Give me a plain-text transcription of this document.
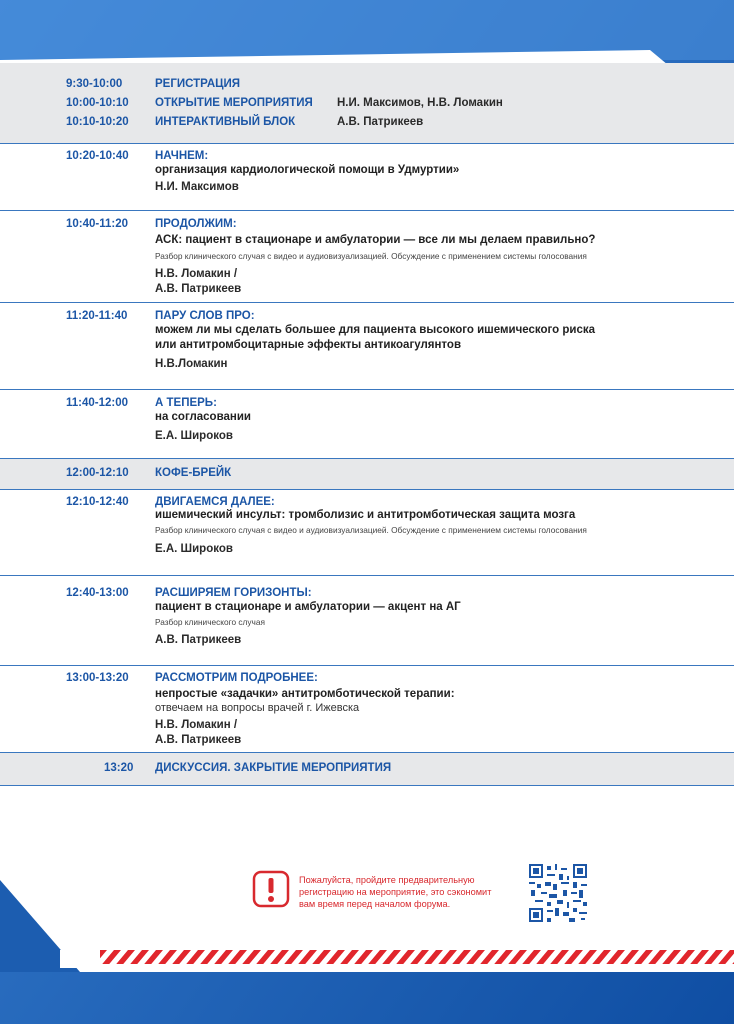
9:30-10:00	РЕГИСТРАЦИЯ
10:00-10:10 ОТКРЫТИЕ МЕРОПРИЯТИЯ Н.И. Максимов, Н.В. Ломакин
10:10-10:20 ИНТЕРАКТИВНЫЙ БЛОК	А.В. Патрикеев
10:20-10:40 НАЧНЕМ:
организация кардиологической помощи в Удмуртии»
Н.И. Максимов
10:40-11:20 ПРОДОЛЖИМ:
АСК: пациент в стационаре и амбулатории — все ли мы делаем правильно?
Разбор клинического случая с видео и аудиовизуализацией. Обсуждение с применением системы голосования
Н.В. Ломакин /
А.В. Патрикеев
11:20-11:40 ПАРУ СЛОВ ПРО:
можем ли мы сделать большее для пациента высокого ишемического риска
или антитромбоцитарные эффекты антикоагулянтов
Н.В.Ломакин
11:40-12:00 А ТЕПЕРЬ:
на согласовании
Е.А. Широков
12:00-12:10 КОФЕ-БРЕЙК
12:10-12:40 ДВИГАЕМСЯ ДАЛЕЕ:
ишемический инсульт: тромболизис и антитромботическая защита мозга
Разбор клинического случая с видео и аудиовизуализацией. Обсуждение с применением системы голосования
Е.А. Широков
12:40-13:00 РАСШИРЯЕМ ГОРИЗОНТЫ:
пациент в стационаре и амбулатории — акцент на АГ
Разбор клинического случая
А.В. Патрикеев
13:00-13:20 РАССМОТРИМ ПОДРОБНЕЕ:
непростые «задачки» антитромботической терапии:
отвечаем на вопросы врачей г. Ижевска
Н.В. Ломакин /
А.В. Патрикеев
13:20 ДИСКУССИЯ. ЗАКРЫТИЕ МЕРОПРИЯТИЯ
Пожалуйста, пройдите предварительную
регистрацию на мероприятие, это сэкономит
вам время перед началом форума.
